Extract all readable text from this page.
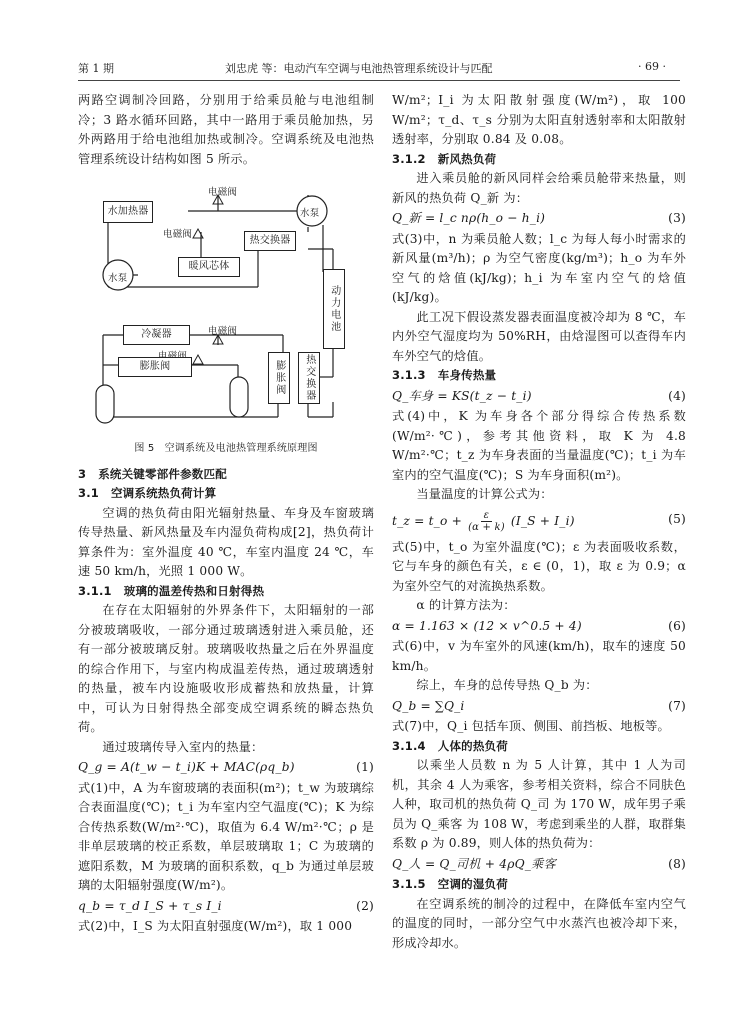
第 1 期	刘忠虎 等：电动汽车空调与电池热管理系统设计与匹配	· 69 ·

两路空调制冷回路，分别用于给乘员舱与电池组制冷；3 路水循环回路，其中一路用于乘员舱加热，另外两路用于给电池组加热或制冷。空调系统及电池热管理系统设计结构如图 5 所示。

水加热器
电磁阀
水泵
电磁阀
热交换器
暖风芯体
水泵
动力电池
电磁阀
冷凝器
膨胀阀	膨胀阀	热交换器
图 5 空调系统及电池热管理系统原理图

3 系统关键零部件参数匹配

3.1 空调系统热负荷计算

空调的热负荷由阳光辐射热量、车身及车窗玻璃传导热量、新风热量及车内湿负荷构成[2]，热负荷计算条件为：室外温度 40 ℃，车室内温度 24 ℃，车速 50 km/h，光照 1 000 W。

3.1.1 玻璃的温差传热和日射得热

在存在太阳辐射的外界条件下，太阳辐射的一部分被玻璃吸收，一部分通过玻璃透射进入乘员舱，还有一部分被玻璃反射。玻璃吸收热量之后在外界温度的综合作用下，与室内构成温差传热，通过玻璃透射的热量，被车内设施吸收形成蓄热和放热量，计算中，可认为日射得热全部变成空调系统的瞬态热负荷。

通过玻璃传导入室内的热量：

Q_g = A(t_w − t_i)K + MAC(ρq_b)	(1)

式(1)中，A 为车窗玻璃的表面积(m²)；t_w 为玻璃综合表面温度(℃)；t_i 为车室内空气温度(℃)；K 为综合传热系数(W/m²·℃)，取值为 6.4 W/m²·℃；ρ 是非单层玻璃的校正系数，单层玻璃取 1；C 为玻璃的遮阳系数，M 为玻璃的面积系数，q_b 为通过单层玻璃的太阳辐射强度(W/m²)。

q_b = τ_d I_S + τ_s I_i	(2)

式(2)中，I_S 为太阳直射强度(W/m²)，取 1 000

W/m²；I_i 为太阳散射强度(W/m²)，取 100 W/m²；τ_d、τ_s 分别为太阳直射透射率和太阳散射透射率，分别取 0.84 及 0.08。

3.1.2 新风热负荷

进入乘员舱的新风同样会给乘员舱带来热量，则新风的热负荷 Q_新 为：

Q_新 = l_c nρ(h_o − h_i)	(3)

式(3)中，n 为乘员舱人数；l_c 为每人每小时需求的新风量(m³/h)；ρ 为空气密度(kg/m³)；h_o 为车外空气的焓值(kJ/kg)；h_i 为车室内空气的焓值(kJ/kg)。

此工况下假设蒸发器表面温度被冷却为 8 ℃，车内外空气湿度均为 50%RH，由焓湿图可以查得车内车外空气的焓值。

3.1.3 车身传热量

Q_车身 = KS(t_z − t_i)	(4)

式(4)中，K 为车身各个部分得综合传热系数(W/m²·℃)，参考其他资料，取 K 为 4.8 W/m²·℃；t_z 为车身表面的当量温度(℃)；t_i 为车室内的空气温度(℃)；S 为车身面积(m²)。

当量温度的计算公式为：

t_z = t_o + $\frac{\varepsilon}{(\alpha + k)}$ (I_S + I_i)	(5)

式(5)中，t_o 为室外温度(℃)；ε 为表面吸收系数，它与车身的颜色有关，ε ∈ (0，1)，取 ε 为 0.9；α 为室外空气的对流换热系数。

α 的计算方法为：

α = 1.163 × (12 × v^0.5 + 4)	(6)

式(6)中，v 为车室外的风速(km/h)，取车的速度 50 km/h。

综上，车身的总传导热 Q_b 为：

Q_b = ∑Q_i	(7)

式(7)中，Q_i 包括车顶、侧围、前挡板、地板等。

3.1.4 人体的热负荷

以乘坐人员数 n 为 5 人计算，其中 1 人为司机，其余 4 人为乘客，参考相关资料，综合不同肤色人种，取司机的热负荷 Q_司 为 170 W，成年男子乘员为 Q_乘客 为 108 W，考虑到乘坐的人群，取群集系数 ρ 为 0.89，则人体的热负荷为：

Q_人 = Q_司机 + 4ρQ_乘客	(8)

3.1.5 空调的湿负荷

在空调系统的制冷的过程中，在降低车室内空气的温度的同时，一部分空气中水蒸汽也被冷却下来，形成冷却水。
